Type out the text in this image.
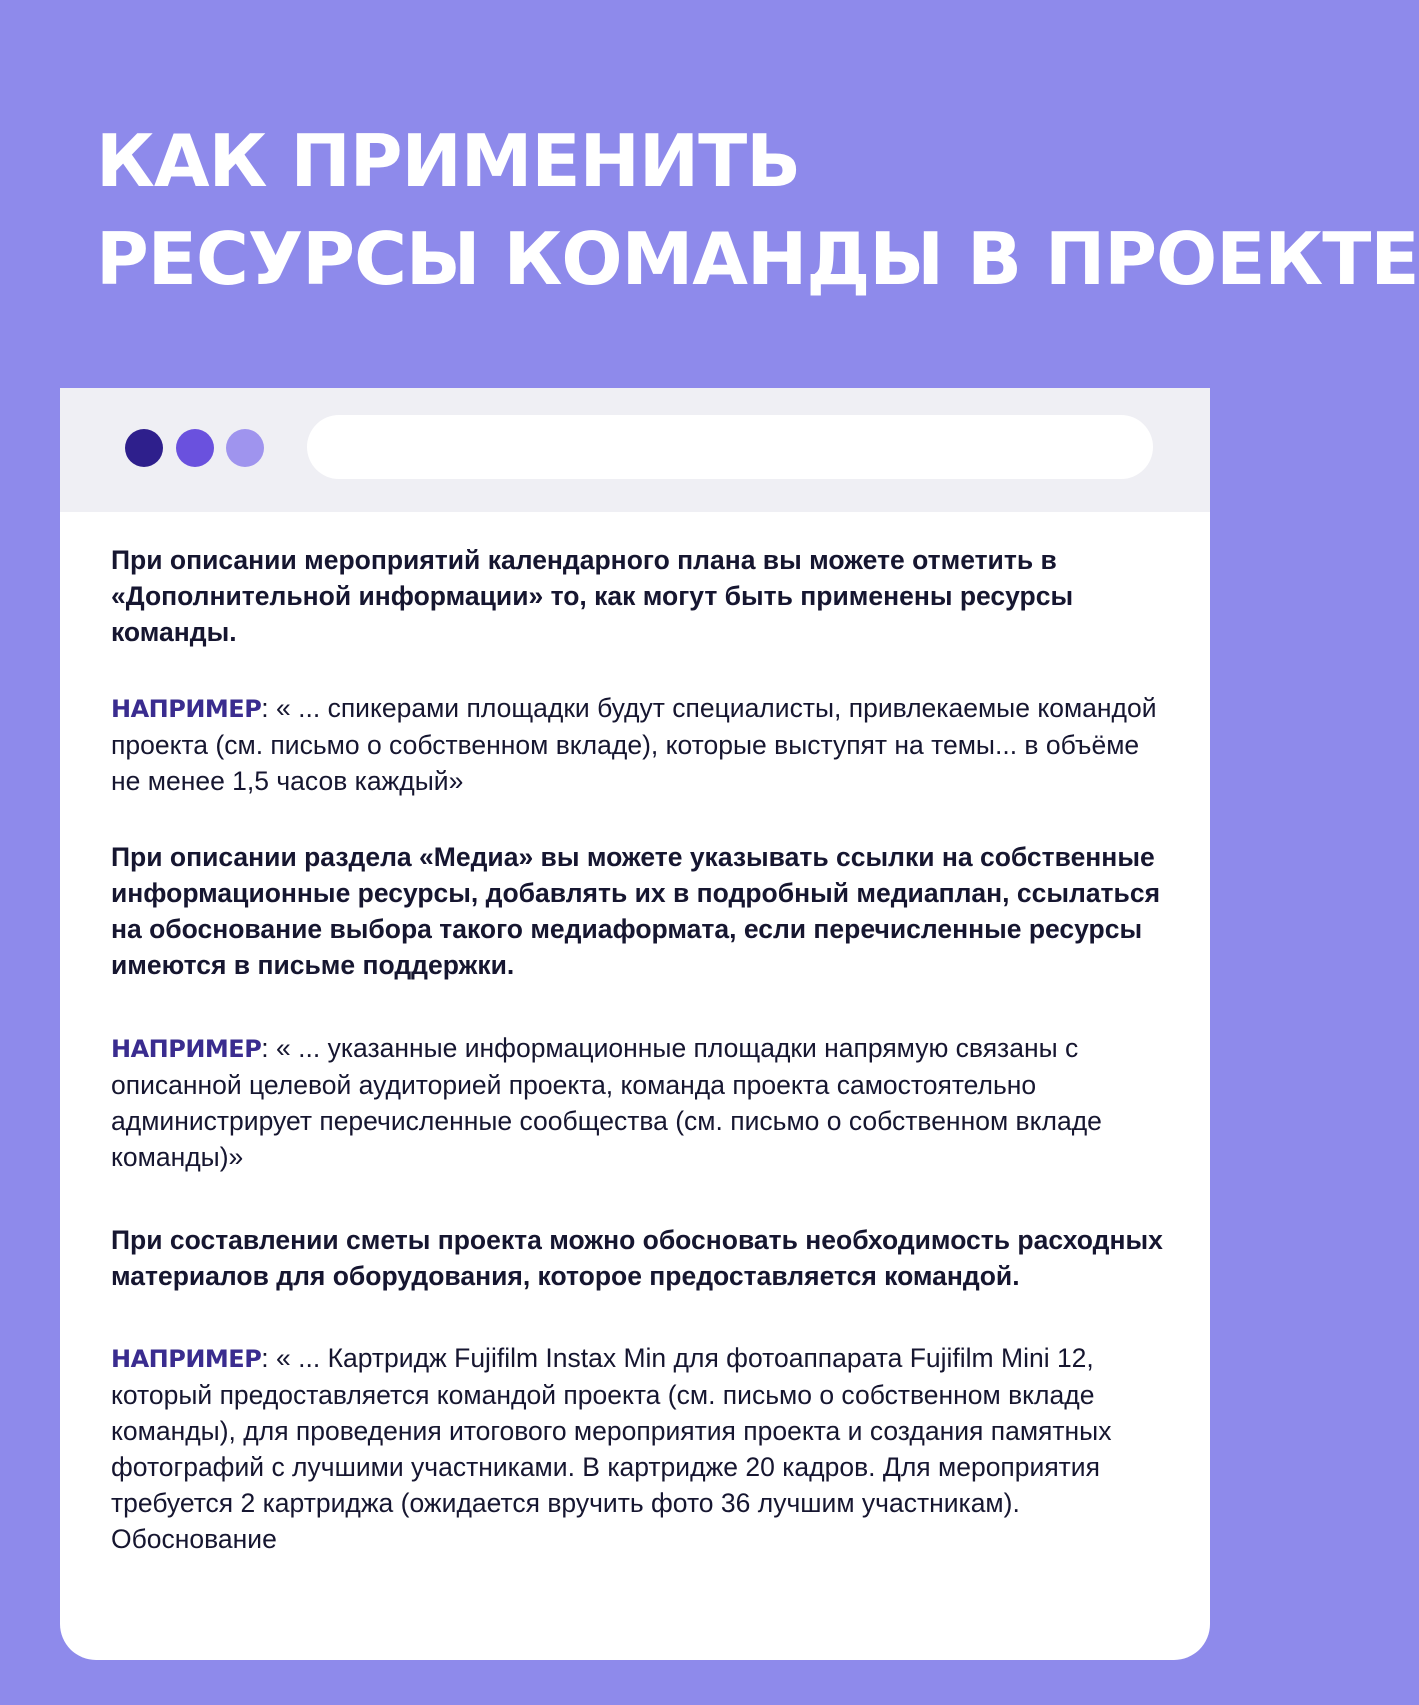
КАК ПРИМЕНИТЬ
РЕСУРСЫ КОМАНДЫ В ПРОЕКТЕ

При описании мероприятий календарного плана вы можете отметить в «Дополнительной информации» то, как могут быть применены ресурсы команды.

НАПРИМЕР: « ... спикерами площадки будут специалисты, привлекаемые командой проекта (см. письмо о собственном вкладе), которые выступят на темы... в объёме не менее 1,5 часов каждый»

При описании раздела «Медиа» вы можете указывать ссылки на собственные информационные ресурсы, добавлять их в подробный медиаплан, ссылаться на обоснование выбора такого медиаформата, если перечисленные ресурсы имеются в письме поддержки.

НАПРИМЕР: « ... указанные информационные площадки напрямую связаны с описанной целевой аудиторией проекта, команда проекта самостоятельно администрирует перечисленные сообщества (см. письмо о собственном вкладе команды)»

При составлении сметы проекта можно обосновать необходимость расходных материалов для оборудования, которое предоставляется командой.

НАПРИМЕР: « ... Картридж Fujifilm Instax Min для фотоаппарата Fujifilm Mini 12, который предоставляется командой проекта (см. письмо о собственном вкладе команды), для проведения итогового мероприятия проекта и создания памятных фотографий с лучшими участниками. В картридже 20 кадров. Для мероприятия требуется 2 картриджа (ожидается вручить фото 36 лучшим участникам). Обоснование
